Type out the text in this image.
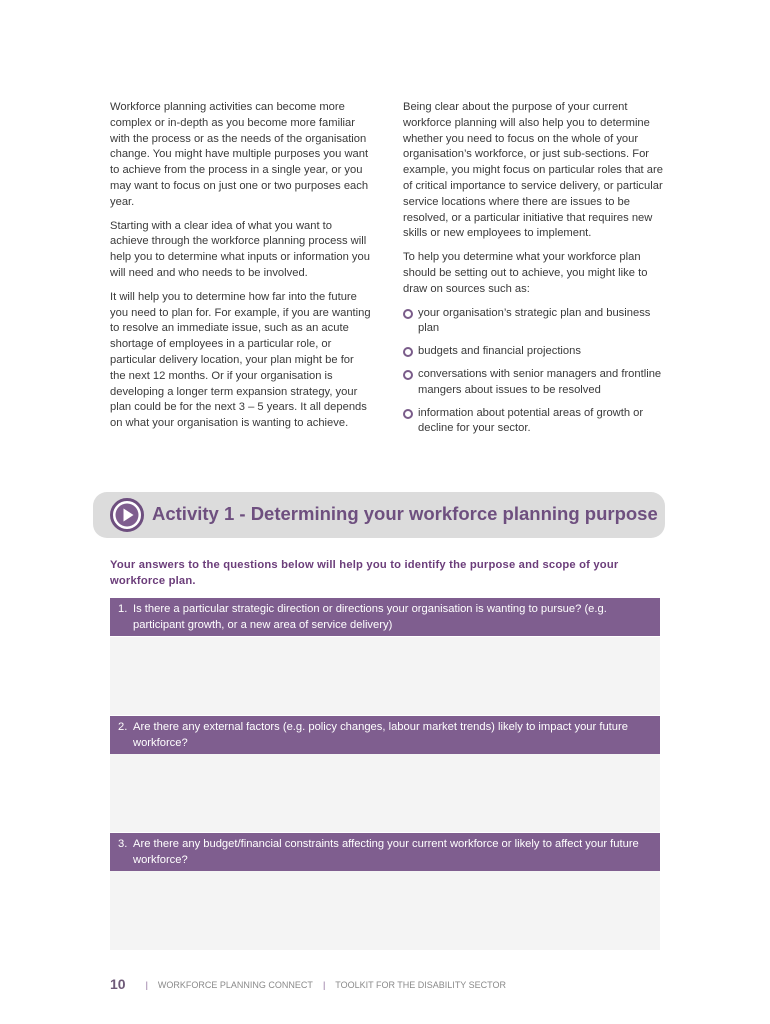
Workforce planning activities can become more complex or in-depth as you become more familiar with the process or as the needs of the organisation change. You might have multiple purposes you want to achieve from the process in a single year, or you may want to focus on just one or two purposes each year.

Starting with a clear idea of what you want to achieve through the workforce planning process will help you to determine what inputs or information you will need and who needs to be involved.

It will help you to determine how far into the future you need to plan for. For example, if you are wanting to resolve an immediate issue, such as an acute shortage of employees in a particular role, or particular delivery location, your plan might be for the next 12 months. Or if your organisation is developing a longer term expansion strategy, your plan could be for the next 3 – 5 years. It all depends on what your organisation is wanting to achieve.

Being clear about the purpose of your current workforce planning will also help you to determine whether you need to focus on the whole of your organisation’s workforce, or just sub-sections. For example, you might focus on particular roles that are of critical importance to service delivery, or particular service locations where there are issues to be resolved, or a particular initiative that requires new skills or new employees to implement.

To help you determine what your workforce plan should be setting out to achieve, you might like to draw on sources such as:

your organisation’s strategic plan and business plan
budgets and financial projections
conversations with senior managers and frontline mangers about issues to be resolved
information about potential areas of growth or decline for your sector.
Activity 1 - Determining your workforce planning purpose
Your answers to the questions below will help you to identify the purpose and scope of your workforce plan.
1. Is there a particular strategic direction or directions your organisation is wanting to pursue? (e.g. participant growth, or a new area of service delivery)
2. Are there any external factors (e.g. policy changes, labour market trends) likely to impact your future workforce?
3. Are there any budget/financial constraints affecting your current workforce or likely to affect your future workforce?
10 | WORKFORCE PLANNING CONNECT | TOOLKIT FOR THE DISABILITY SECTOR
